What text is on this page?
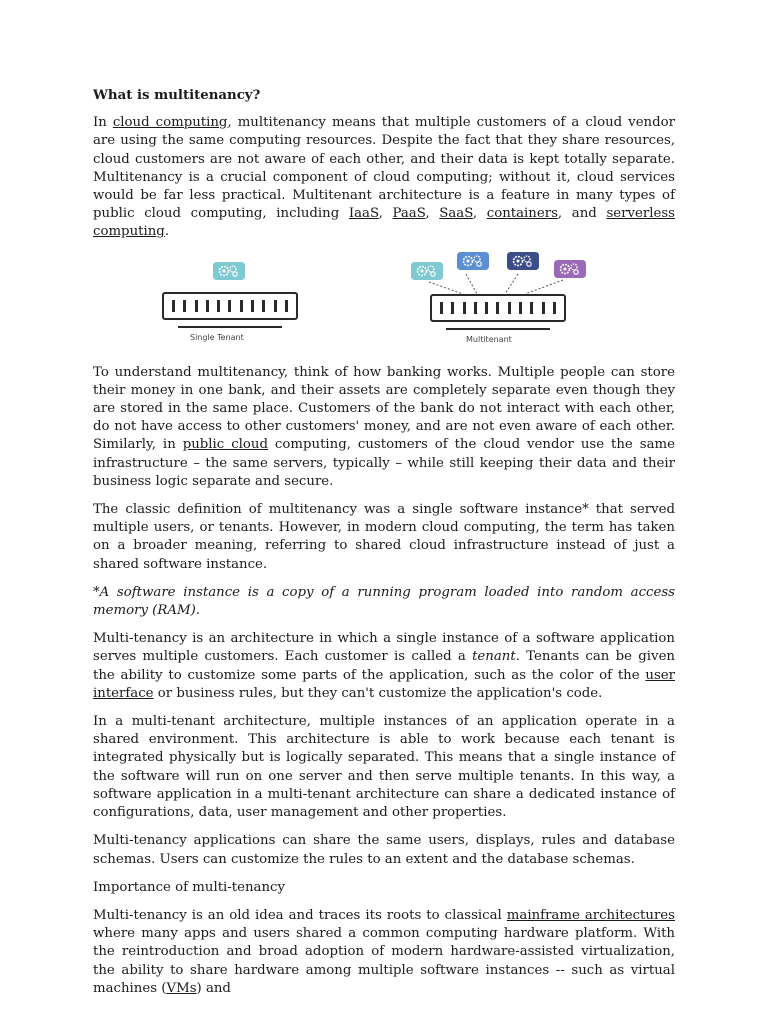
What is multitenancy?

In cloud computing, multitenancy means that multiple customers of a cloud vendor are using the same computing resources. Despite the fact that they share resources, cloud customers are not aware of each other, and their data is kept totally separate. Multitenancy is a crucial component of cloud computing; without it, cloud services would be far less practical. Multitenant architecture is a feature in many types of public cloud computing, including IaaS, PaaS, SaaS, containers, and serverless computing.

Single Tenant	Multitenant

To understand multitenancy, think of how banking works. Multiple people can store their money in one bank, and their assets are completely separate even though they are stored in the same place. Customers of the bank do not interact with each other, do not have access to other customers' money, and are not even aware of each other. Similarly, in public cloud computing, customers of the cloud vendor use the same infrastructure – the same servers, typically – while still keeping their data and their business logic separate and secure.

The classic definition of multitenancy was a single software instance* that served multiple users, or tenants. However, in modern cloud computing, the term has taken on a broader meaning, referring to shared cloud infrastructure instead of just a shared software instance.

*A software instance is a copy of a running program loaded into random access memory (RAM).

Multi-tenancy is an architecture in which a single instance of a software application serves multiple customers. Each customer is called a tenant. Tenants can be given the ability to customize some parts of the application, such as the color of the user interface or business rules, but they can't customize the application's code.

In a multi-tenant architecture, multiple instances of an application operate in a shared environment. This architecture is able to work because each tenant is integrated physically but is logically separated. This means that a single instance of the software will run on one server and then serve multiple tenants. In this way, a software application in a multi-tenant architecture can share a dedicated instance of configurations, data, user management and other properties.

Multi-tenancy applications can share the same users, displays, rules and database schemas. Users can customize the rules to an extent and the database schemas.

Importance of multi-tenancy

Multi-tenancy is an old idea and traces its roots to classical mainframe architectures where many apps and users shared a common computing hardware platform. With the reintroduction and broad adoption of modern hardware-assisted virtualization, the ability to share hardware among multiple software instances -- such as virtual machines (VMs) and
